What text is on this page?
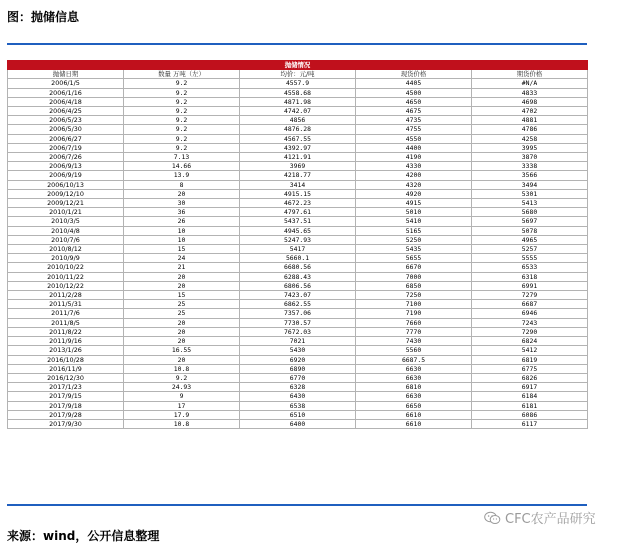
图：抛储信息
抛储情况				
抛储日期	数量 万吨（左）	均价：元/吨	现货价格	期货价格
2006/1/5	9.2	4557.9	4405	#N/A
2006/1/16	9.2	4558.68	4500	4833
2006/4/18	9.2	4871.98	4650	4698
2006/4/25	9.2	4742.07	4675	4702
2006/5/23	9.2	4856	4735	4881
2006/5/30	9.2	4876.28	4755	4786
2006/6/27	9.2	4567.55	4550	4258
2006/7/19	9.2	4392.97	4400	3995
2006/7/26	7.13	4121.91	4190	3870
2006/9/13	14.66	3969	4330	3338
2006/9/19	13.9	4218.77	4200	3566
2006/10/13	8	3414	4320	3494
2009/12/10	20	4915.15	4920	5301
2009/12/21	30	4672.23	4915	5413
2010/1/21	36	4797.61	5010	5680
2010/3/5	26	5437.51	5410	5697
2010/4/8	10	4945.65	5165	5078
2010/7/6	10	5247.93	5250	4965
2010/8/12	15	5417	5435	5257
2010/9/9	24	5660.1	5655	5555
2010/10/22	21	6680.56	6670	6533
2010/11/22	20	6288.43	7000	6318
2010/12/22	20	6806.56	6850	6991
2011/2/28	15	7423.07	7250	7279
2011/5/31	25	6862.55	7100	6687
2011/7/6	25	7357.06	7190	6946
2011/8/5	20	7730.57	7660	7243
2011/8/22	20	7672.03	7770	7290
2011/9/16	20	7021	7430	6824
2013/1/26	16.55	5430	5560	5412
2016/10/28	20	6920	6687.5	6819
2016/11/9	10.8	6890	6630	6775
2016/12/30	9.2	6770	6630	6826
2017/1/23	24.93	6328	6810	6917
2017/9/15	9	6430	6630	6184
2017/9/18	17	6538	6650	6181
2017/9/28	17.9	6510	6610	6086
2017/9/30	10.8	6400	6610	6117
CFC农产品研究
来源：wind，公开信息整理
